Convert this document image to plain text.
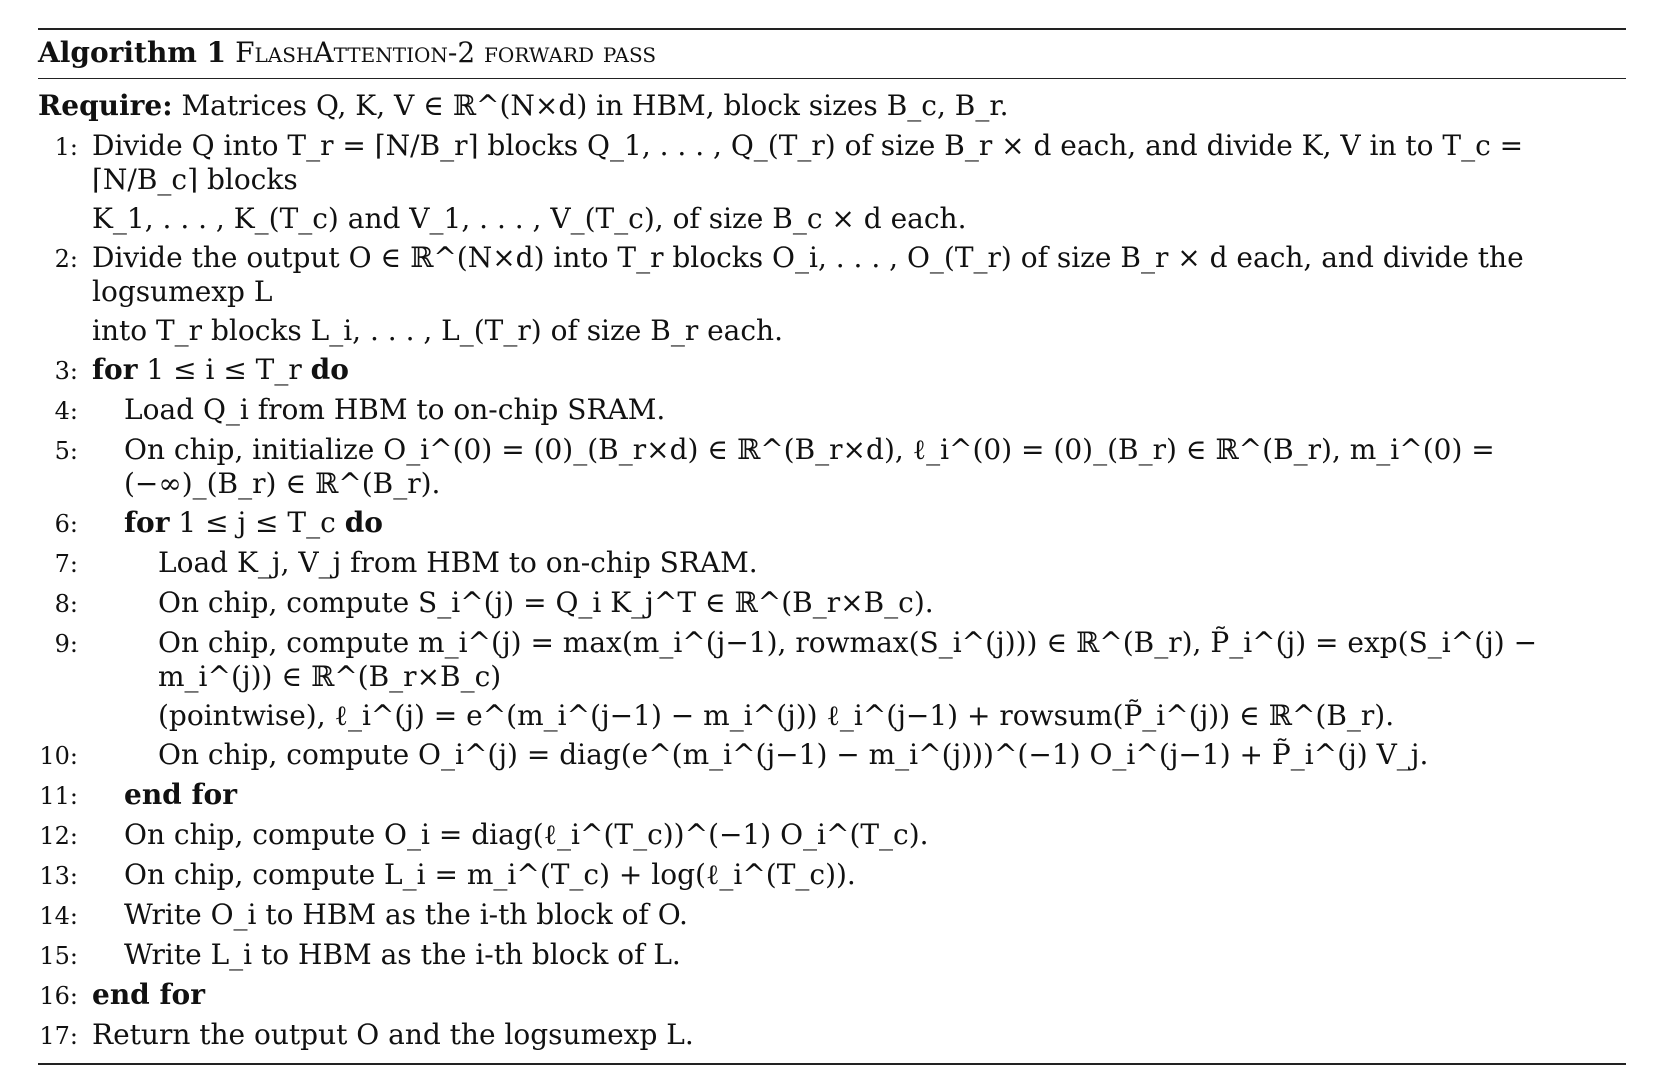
Algorithm 1 FlashAttention-2 forward pass
Require: Matrices Q, K, V ∈ ℝ^(N×d) in HBM, block sizes B_c, B_r.
1: Divide Q into T_r = ⌈N/B_r⌉ blocks Q_1, . . . , Q_(T_r) of size B_r × d each, and divide K, V in to T_c = ⌈N/B_c⌉ blocks
K_1, . . . , K_(T_c) and V_1, . . . , V_(T_c), of size B_c × d each.
2: Divide the output O ∈ ℝ^(N×d) into T_r blocks O_i, . . . , O_(T_r) of size B_r × d each, and divide the logsumexp L
into T_r blocks L_i, . . . , L_(T_r) of size B_r each.
3: for 1 ≤ i ≤ T_r do
4:	Load Q_i from HBM to on-chip SRAM.
5:	On chip, initialize O_i^(0) = (0)_(B_r×d) ∈ ℝ^(B_r×d), ℓ_i^(0) = (0)_(B_r) ∈ ℝ^(B_r), m_i^(0) = (−∞)_(B_r) ∈ ℝ^(B_r).
6:	for 1 ≤ j ≤ T_c do
7:	Load K_j, V_j from HBM to on-chip SRAM.
8:	On chip, compute S_i^(j) = Q_i K_j^T ∈ ℝ^(B_r×B_c).
9:	On chip, compute m_i^(j) = max(m_i^(j−1), rowmax(S_i^(j))) ∈ ℝ^(B_r), P̃_i^(j) = exp(S_i^(j) − m_i^(j)) ∈ ℝ^(B_r×B_c)
(pointwise), ℓ_i^(j) = e^(m_i^(j−1) − m_i^(j)) ℓ_i^(j−1) + rowsum(P̃_i^(j)) ∈ ℝ^(B_r).
10:	On chip, compute O_i^(j) = diag(e^(m_i^(j−1) − m_i^(j)))^(−1) O_i^(j−1) + P̃_i^(j) V_j.
11:	end for
12:	On chip, compute O_i = diag(ℓ_i^(T_c))^(−1) O_i^(T_c).
13:	On chip, compute L_i = m_i^(T_c) + log(ℓ_i^(T_c)).
14:	Write O_i to HBM as the i-th block of O.
15:	Write L_i to HBM as the i-th block of L.
16: end for
17: Return the output O and the logsumexp L.
